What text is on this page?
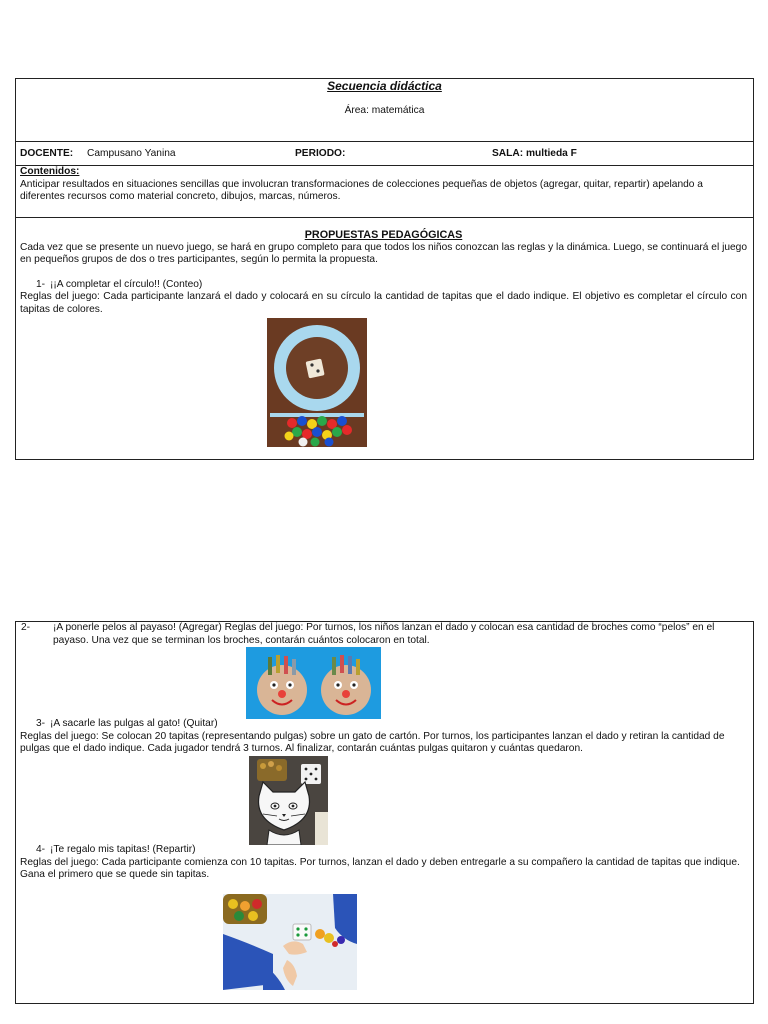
Secuencia didáctica
Área: matemática
DOCENTE: Campusano Yanina	PERIODO:	SALA: multieda F

Contenidos:

Anticipar resultados en situaciones sencillas que involucran transformaciones de colecciones pequeñas de objetos (agregar, quitar, repartir) apelando a diferentes recursos como material concreto, dibujos, marcas, números.

PROPUESTAS PEDAGÓGICAS

Cada vez que se presente un nuevo juego, se hará en grupo completo para que todos los niños conozcan las reglas y la dinámica. Luego, se continuará el juego en pequeños grupos de dos o tres participantes, según lo permita la propuesta.

1- ¡¡A completar el círculo!! (Conteo)

Reglas del juego: Cada participante lanzará el dado y colocará en su círculo la cantidad de tapitas que el dado indique. El objetivo es completar el círculo con tapitas de colores.

2- ¡A ponerle pelos al payaso! (Agregar) Reglas del juego: Por turnos, los niños lanzan el dado y colocan esa cantidad de broches como “pelos” en el payaso. Una vez que se terminan los broches, contarán cuántos colocaron en total.

3- ¡A sacarle las pulgas al gato! (Quitar)

Reglas del juego: Se colocan 20 tapitas (representando pulgas) sobre un gato de cartón. Por turnos, los participantes lanzan el dado y retiran la cantidad de pulgas que el dado indique. Cada jugador tendrá 3 turnos. Al finalizar, contarán cuántas pulgas quitaron y cuántas quedaron.

4- ¡Te regalo mis tapitas! (Repartir)

Reglas del juego: Cada participante comienza con 10 tapitas. Por turnos, lanzan el dado y deben entregarle a su compañero la cantidad de tapitas que indique. Gana el primero que se quede sin tapitas.
